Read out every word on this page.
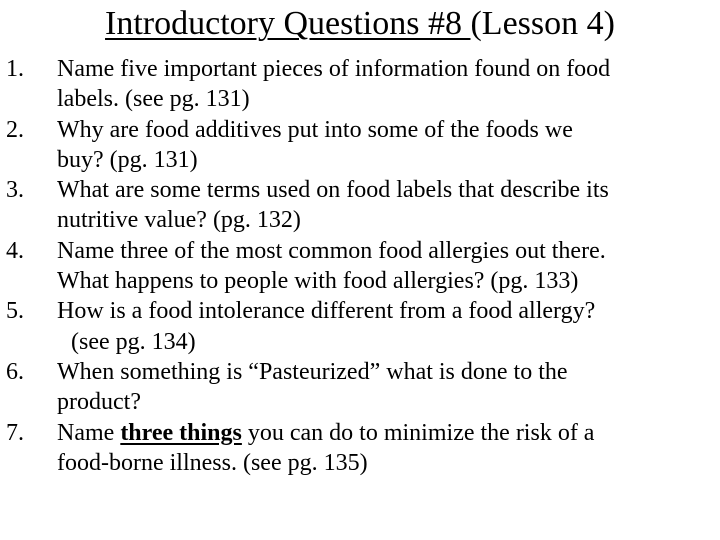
Introductory Questions #8 (Lesson 4)
1. Name five important pieces of information found on food
labels. (see pg. 131)
2. Why are food additives put into some of the foods we
buy? (pg. 131)
3. What are some terms used on food labels that describe its
nutritive value? (pg. 132)
4. Name three of the most common food allergies out there.
What happens to people with food allergies? (pg. 133)
5. How is a food intolerance different from a food allergy?
(see pg. 134)
6. When something is “Pasteurized” what is done to the
product?
7. Name three things you can do to minimize the risk of a
food-borne illness. (see pg. 135)
